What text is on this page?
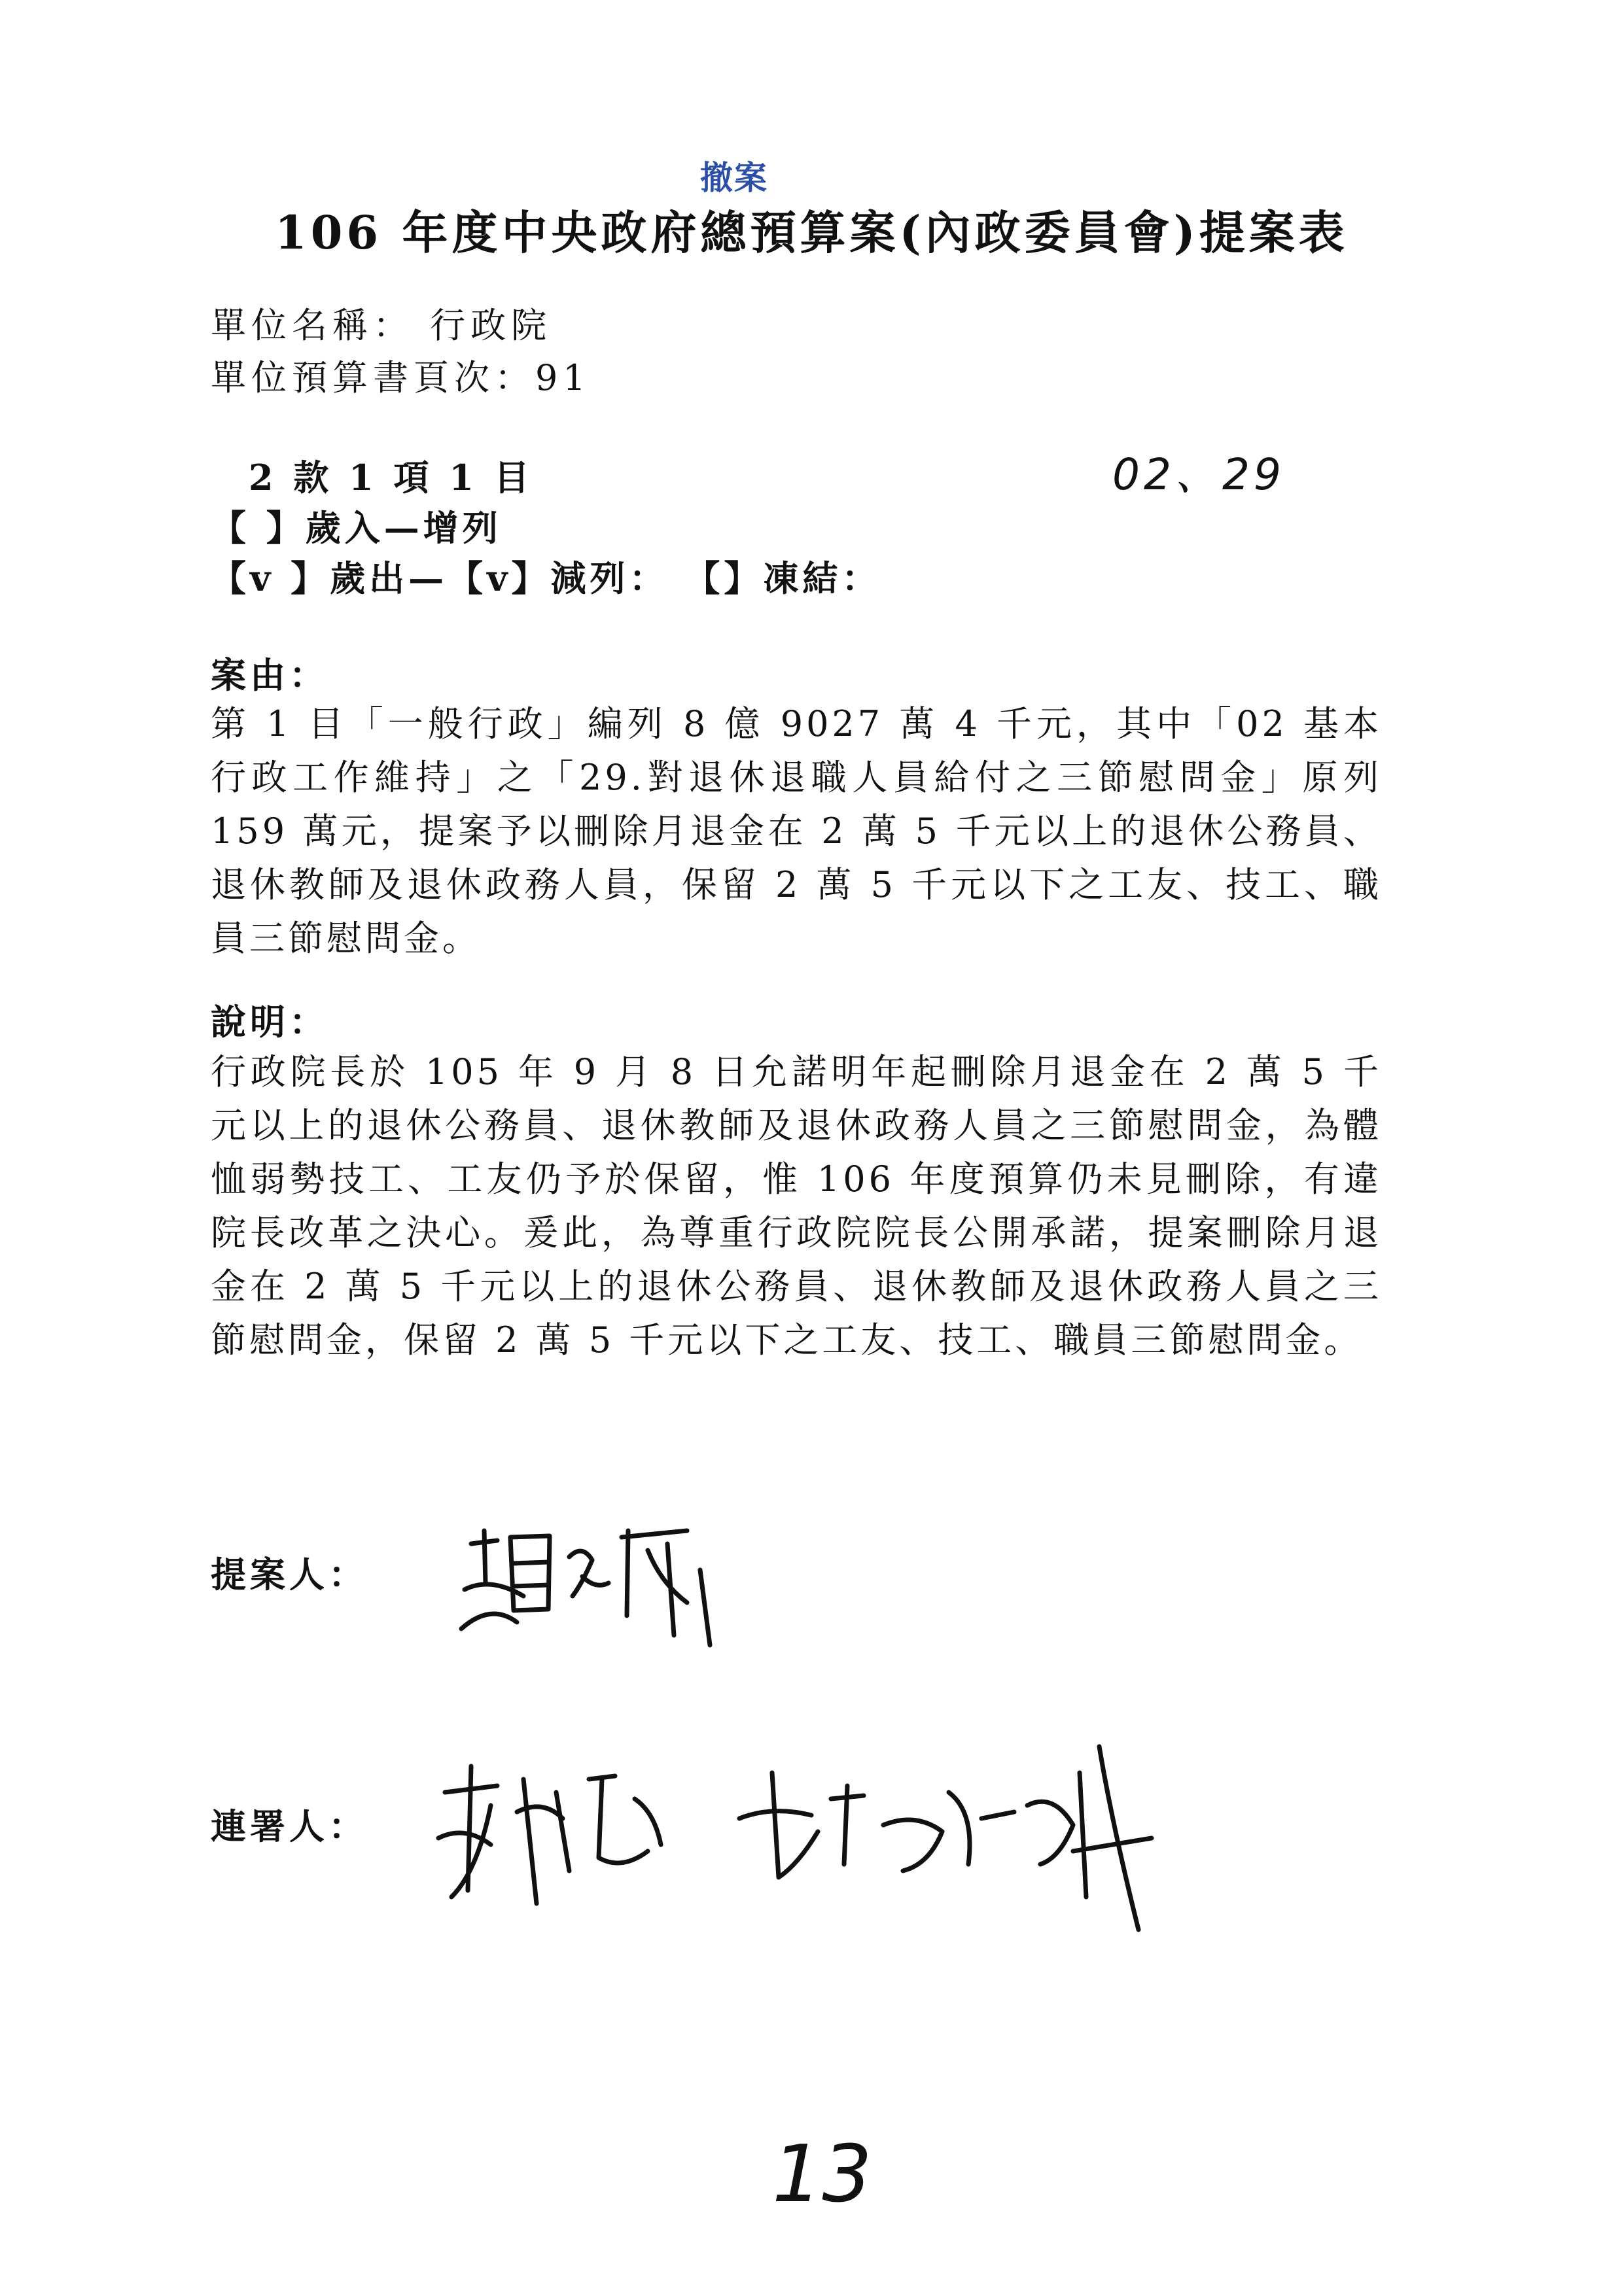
撤案
106 年度中央政府總預算案(內政委員會)提案表
單位名稱： 行政院
單位預算書頁次：91
2 款 1 項 1 目	02、29
【 】歲入—增列
【v 】歲出—【v】減列： 【】凍結：
案由：
第 1 目「一般行政」編列 8 億 9027 萬 4 千元，其中「02 基本行政工作維持」之「29.對退休退職人員給付之三節慰問金」原列 159 萬元，提案予以刪除月退金在 2 萬 5 千元以上的退休公務員、退休教師及退休政務人員，保留 2 萬 5 千元以下之工友、技工、職員三節慰問金。
說明：
行政院長於 105 年 9 月 8 日允諾明年起刪除月退金在 2 萬 5 千元以上的退休公務員、退休教師及退休政務人員之三節慰問金，為體恤弱勢技工、工友仍予於保留，惟 106 年度預算仍未見刪除，有違院長改革之決心。爰此，為尊重行政院院長公開承諾，提案刪除月退金在 2 萬 5 千元以上的退休公務員、退休教師及退休政務人員之三節慰問金，保留 2 萬 5 千元以下之工友、技工、職員三節慰問金。
提案人：
連署人：
13
